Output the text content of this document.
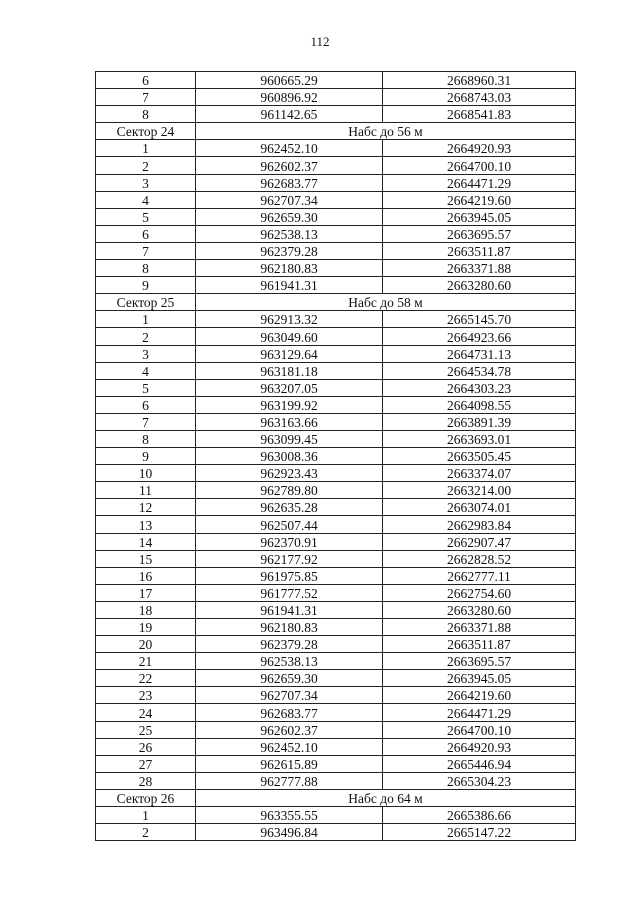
112
6	960665.29	2668960.31
7	960896.92	2668743.03
8	961142.65	2668541.83
Сектор 24	Набс до 56 м	
1	962452.10	2664920.93
2	962602.37	2664700.10
3	962683.77	2664471.29
4	962707.34	2664219.60
5	962659.30	2663945.05
6	962538.13	2663695.57
7	962379.28	2663511.87
8	962180.83	2663371.88
9	961941.31	2663280.60
Сектор 25	Набс до 58 м	
1	962913.32	2665145.70
2	963049.60	2664923.66
3	963129.64	2664731.13
4	963181.18	2664534.78
5	963207.05	2664303.23
6	963199.92	2664098.55
7	963163.66	2663891.39
8	963099.45	2663693.01
9	963008.36	2663505.45
10	962923.43	2663374.07
11	962789.80	2663214.00
12	962635.28	2663074.01
13	962507.44	2662983.84
14	962370.91	2662907.47
15	962177.92	2662828.52
16	961975.85	2662777.11
17	961777.52	2662754.60
18	961941.31	2663280.60
19	962180.83	2663371.88
20	962379.28	2663511.87
21	962538.13	2663695.57
22	962659.30	2663945.05
23	962707.34	2664219.60
24	962683.77	2664471.29
25	962602.37	2664700.10
26	962452.10	2664920.93
27	962615.89	2665446.94
28	962777.88	2665304.23
Сектор 26	Набс до 64 м	
1	963355.55	2665386.66
2	963496.84	2665147.22
